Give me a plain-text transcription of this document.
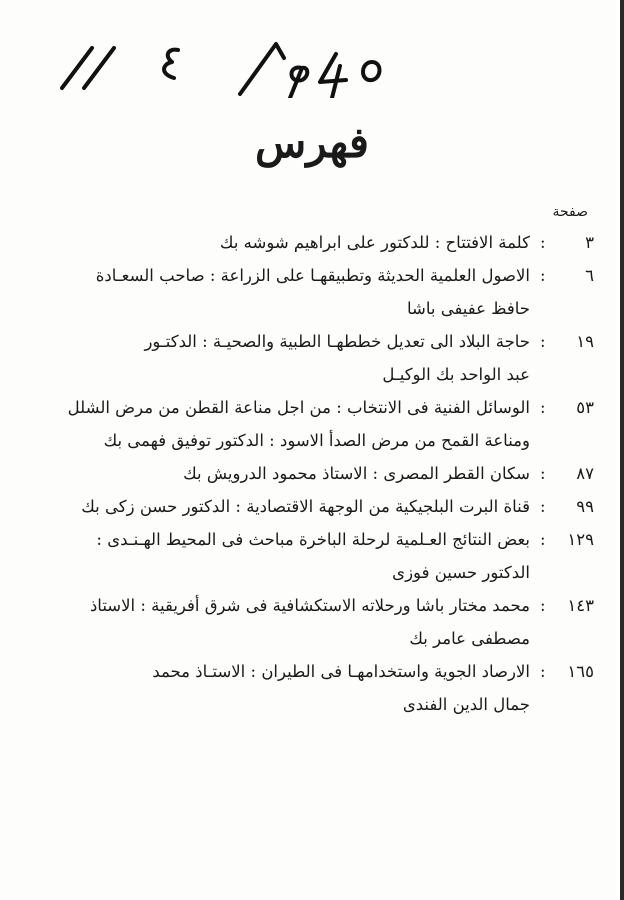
فهرس
صفحة
٣
:
كلمة الافتتاح : للدكتور على ابراهيم شوشه بك
٦
:
الاصول العلمية الحديثة وتطبيقهـا على الزراعة : صاحب السعـادة
حافظ عفيفى باشا
١٩
:
حاجة البلاد الى تعديل خططهـا الطبية والصحيـة : الدكتـور
عبد الواحد بك الوكيـل
٥٣
:
الوسائل الفنية فى الانتخاب : من اجل مناعة القطن من مرض الشلل
ومناعة القمح من مرض الصدأ الاسود : الدكتور توفيق فهمى بك
٨٧
:
سكان القطر المصرى : الاستاذ محمود الدرويش بك
٩٩
:
قناة البرت البلجيكية من الوجهة الاقتصادية : الدكتور حسن زكى بك
١٢٩
:
بعض النتائج العـلمية لرحلة الباخرة مباحث فى المحيط الهـنـدى :
الدكتور حسين فوزى
١٤٣
:
محمد مختار باشا ورحلاته الاستكشافية فى شرق أفريقية : الاستاذ
مصطفى عامر بك
١٦٥
:
الارصاد الجوية واستخدامهـا فى الطيران : الاستـاذ محمد
جمال الدين الفندى
